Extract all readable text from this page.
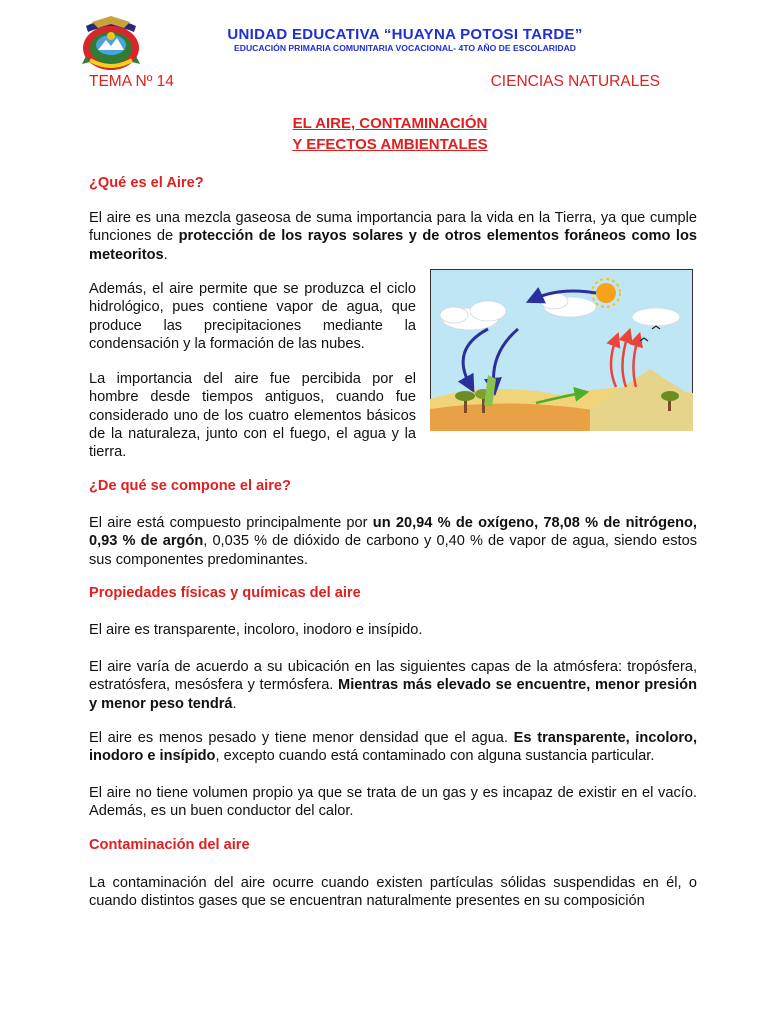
UNIDAD EDUCATIVA “HUAYNA POTOSI TARDE”

EDUCACIÓN PRIMARIA COMUNITARIA VOCACIONAL- 4TO AÑO DE ESCOLARIDAD

TEMA Nº 14	CIENCIAS NATURALES

EL AIRE, CONTAMINACIÓN
Y EFECTOS AMBIENTALES
¿Qué es el Aire?

El aire es una mezcla gaseosa de suma importancia para la vida en la Tierra, ya que cumple funciones de protección de los rayos solares y de otros elementos foráneos como los meteoritos.

Además, el aire permite que se produzca el ciclo hidrológico, pues contiene vapor de agua, que produce las precipitaciones mediante la condensación y la formación de las nubes.

La importancia del aire fue percibida por el hombre desde tiempos antiguos, cuando fue considerado uno de los cuatro elementos básicos de la naturaleza, junto con el fuego, el agua y la tierra.

¿De qué se compone el aire?

El aire está compuesto principalmente por un 20,94 % de oxígeno, 78,08 % de nitrógeno, 0,93 % de argón, 0,035 % de dióxido de carbono y 0,40 % de vapor de agua, siendo estos sus componentes predominantes.

Propiedades físicas y químicas del aire

El aire es transparente, incoloro, inodoro e insípido.

El aire varía de acuerdo a su ubicación en las siguientes capas de la atmósfera: tropósfera, estratósfera, mesósfera y termósfera. Mientras más elevado se encuentre, menor presión y menor peso tendrá.

El aire es menos pesado y tiene menor densidad que el agua. Es transparente, incoloro, inodoro e insípido, excepto cuando está contaminado con alguna sustancia particular.

El aire no tiene volumen propio ya que se trata de un gas y es incapaz de existir en el vacío. Además, es un buen conductor del calor.

Contaminación del aire

La contaminación del aire ocurre cuando existen partículas sólidas suspendidas en él, o cuando distintos gases que se encuentran naturalmente presentes en su composición
